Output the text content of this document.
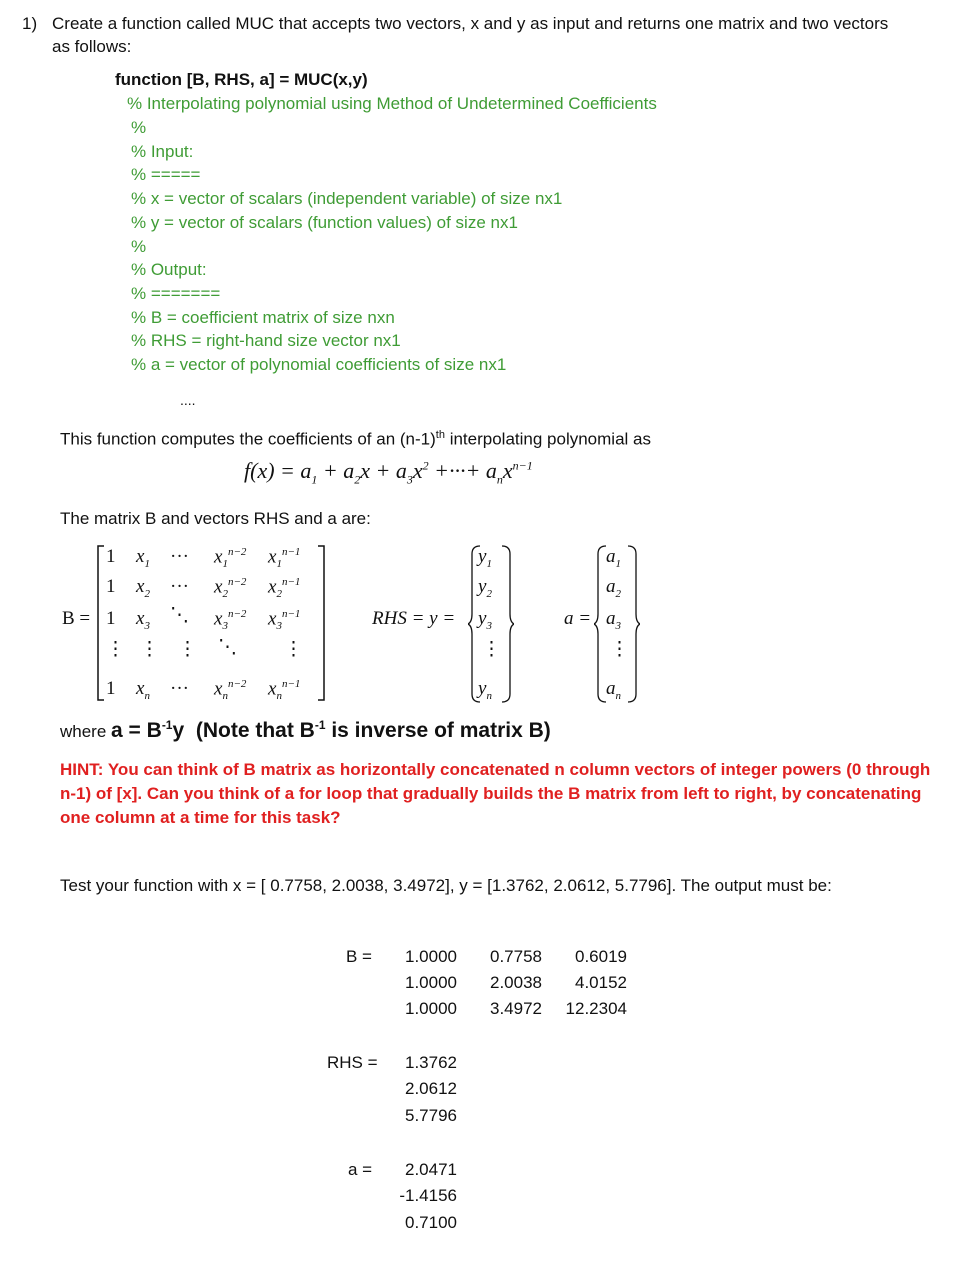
1) Create a function called MUC that accepts two vectors, x and y as input and returns one matrix and two vectors
as follows:
function [B, RHS, a] = MUC(x,y)
% Interpolating polynomial using Method of Undetermined Coefficients
%
% Input:
% =====
% x = vector of scalars (independent variable) of size nx1
% y = vector of scalars (function values) of size nx1
%
% Output:
% =======
% B = coefficient matrix of size nxn
% RHS = right-hand size vector nx1
% a = vector of polynomial coefficients of size nx1
....
This function computes the coefficients of an $(n-1)^{th}$ interpolating polynomial as
$f(x) = a_1 + a_2x + a_3x^2$ +···+ $a_nx^{n-1}$
The matrix B and vectors RHS and a are:
B =
1 $x_1$ ··· $x_1^{n-2}$ $x_1^{n-1}$
1 $x_2$ ··· $x_2^{n-2}$ $x_2^{n-1}$
1 $x_3$ ⋱ $x_3^{n-2}$ $x_3^{n-1}$
⋮ ⋮ ⋮ ⋱ ⋮
1 $x_n$ ··· $x_n^{n-2}$ $x_n^{n-1}$
RHS = y =
$y_1$
$y_2$
$y_3$
⋮
$y_n$
a =
$a_1$
$a_2$
$a_3$
⋮
$a_n$
where $a = B^{-1}y$  (Note that $B^{-1}$ is inverse of matrix B)
HINT: You can think of B matrix as horizontally concatenated n column vectors of integer powers (0 through
n-1) of [x]. Can you think of a for loop that gradually builds the B matrix from left to right, by concatenating
one column at a time for this task?
Test your function with x = [ 0.7758, 2.0038, 3.4972], y = [1.3762, 2.0612, 5.7796]. The output must be:
B =	1.0000	0.7758	0.6019
1.0000	2.0038	4.0152
1.0000	3.4972	12.2304
RHS =	1.3762
2.0612
5.7796
a =	2.0471
-1.4156
0.7100
